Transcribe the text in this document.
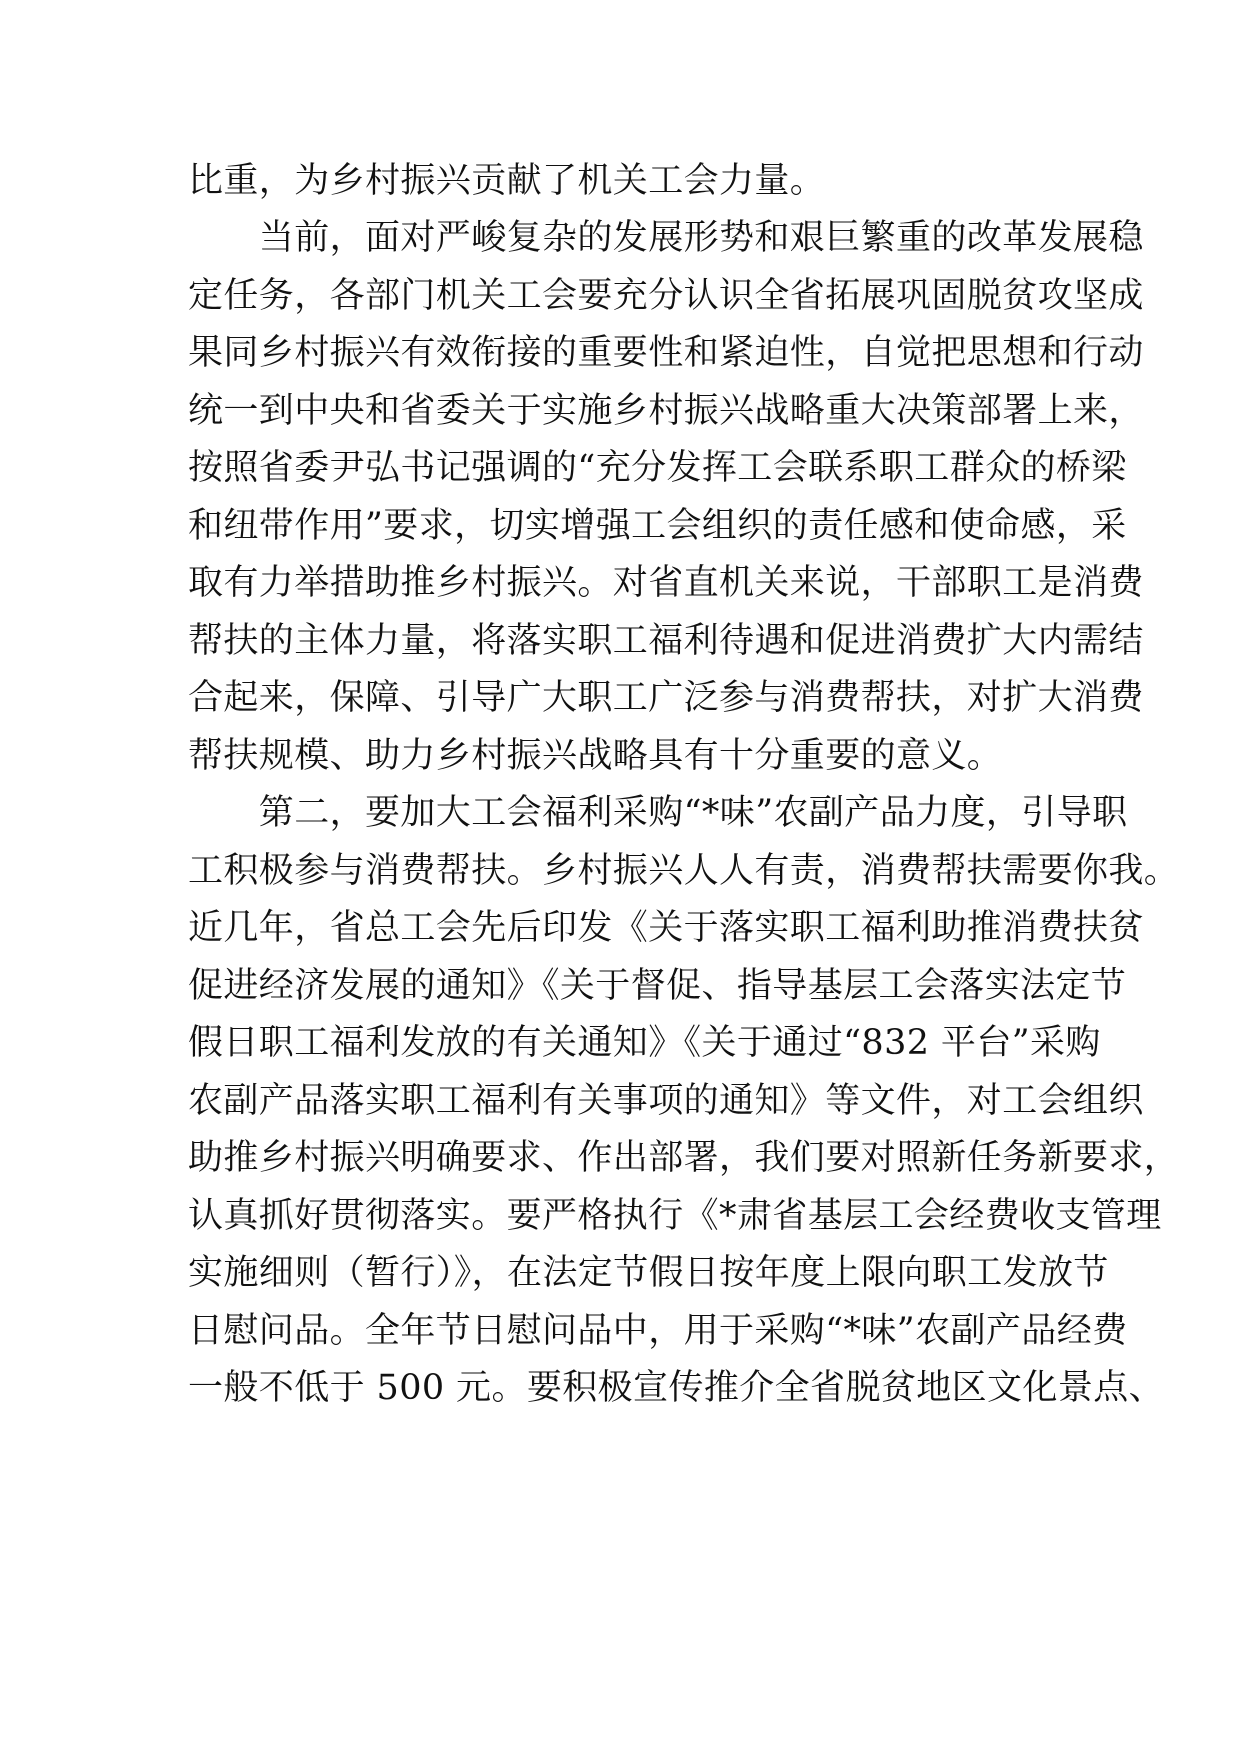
比重，为乡村振兴贡献了机关工会力量。

　　当前，面对严峻复杂的发展形势和艰巨繁重的改革发展稳

定任务，各部门机关工会要充分认识全省拓展巩固脱贫攻坚成

果同乡村振兴有效衔接的重要性和紧迫性，自觉把思想和行动

统一到中央和省委关于实施乡村振兴战略重大决策部署上来，

按照省委尹弘书记强调的“充分发挥工会联系职工群众的桥梁

和纽带作用”要求，切实增强工会组织的责任感和使命感，采

取有力举措助推乡村振兴。对省直机关来说，干部职工是消费

帮扶的主体力量，将落实职工福利待遇和促进消费扩大内需结

合起来，保障、引导广大职工广泛参与消费帮扶，对扩大消费

帮扶规模、助力乡村振兴战略具有十分重要的意义。

　　第二，要加大工会福利采购“*味”农副产品力度，引导职

工积极参与消费帮扶。乡村振兴人人有责，消费帮扶需要你我。

近几年，省总工会先后印发《关于落实职工福利助推消费扶贫

促进经济发展的通知》《关于督促、指导基层工会落实法定节

假日职工福利发放的有关通知》《关于通过“832 平台”采购

农副产品落实职工福利有关事项的通知》等文件，对工会组织

助推乡村振兴明确要求、作出部署，我们要对照新任务新要求，

认真抓好贯彻落实。要严格执行《*肃省基层工会经费收支管理

实施细则（暂行）》，在法定节假日按年度上限向职工发放节

日慰问品。全年节日慰问品中，用于采购“*味”农副产品经费

一般不低于 500 元。要积极宣传推介全省脱贫地区文化景点、
